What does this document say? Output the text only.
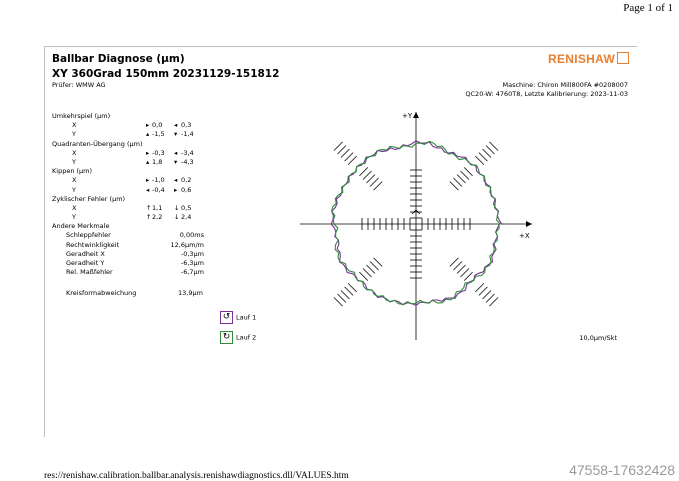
Page 1 of 1
Ballbar Diagnose (µm)
XY 360Grad 150mm 20231129-151812
Prüfer: WMW AG
RENISHAW
Maschine: Chiron Mill800FA #0208007
QC20-W: 4760T8, Letzte Kalibrierung: 2023-11-03
Umkehrspiel (µm)
X	▸ 0,0 ◂ 0,3
Y	▴ -1,5 ▾ -1,4
Quadranten-Übergang (µm)
X	▸ -0,3 ◂ -3,4
Y	▴ 1,8 ▾ -4,3
Kippen (µm)
X	▸ -1,0 ◂ 0,2
Y	◂ -0,4 ▸ 0,6
Zyklischer Fehler (µm)
X	↑ 1,1 ↓ 0,5
Y	↑ 2,2 ↓ 2,4
Andere Merkmale
Schleppfehler	0,00ms
Rechtwinkligkeit	12,6µm/m
Geradheit X	-0,3µm
Geradheit Y	-6,3µm
Rel. Maßfehler	-6,7µm
Kreisformabweichung	13,9µm
↺ Lauf 1
↻ Lauf 2
+X
+Y
10,0µm/Skt
res://renishaw.calibration.ballbar.analysis.renishawdiagnostics.dll/VALUES.htm	47558-17632428
